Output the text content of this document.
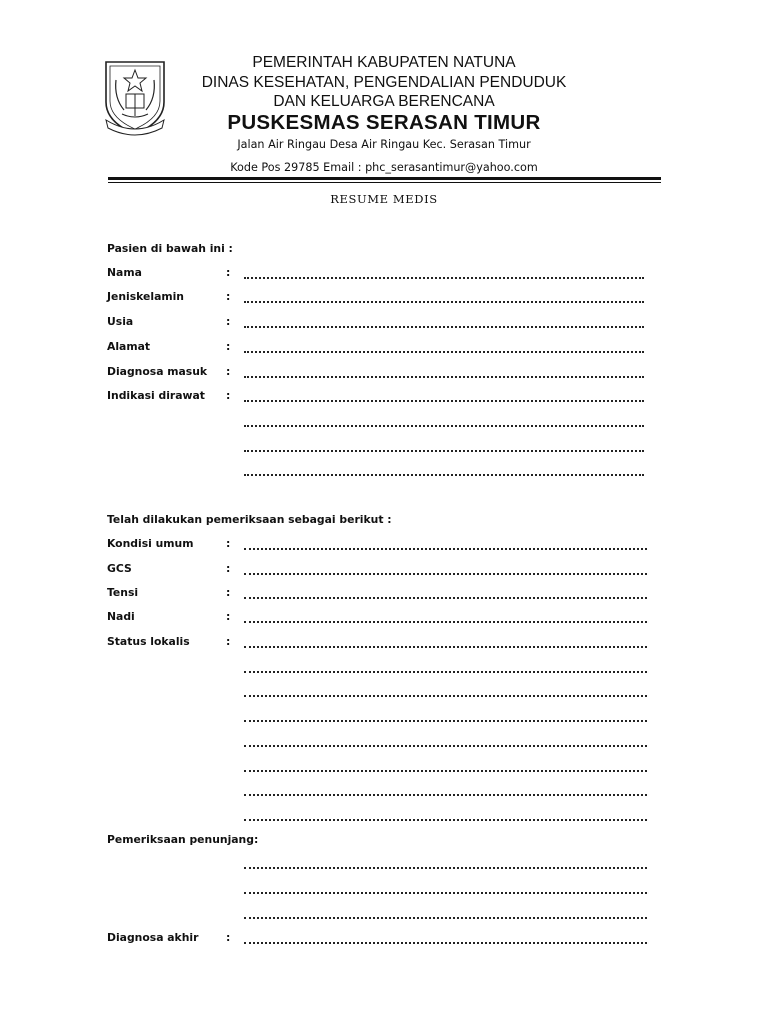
PEMERINTAH KABUPATEN NATUNA
DINAS KESEHATAN, PENGENDALIAN PENDUDUK
DAN KELUARGA BERENCANA
PUSKESMAS SERASAN TIMUR
Jalan Air Ringau Desa Air Ringau Kec. Serasan Timur
Kode Pos 29785 Email : phc_serasantimur@yahoo.com
RESUME MEDIS
Pasien di bawah ini :
Nama	:
Jeniskelamin	:
Usia	:
Alamat	:
Diagnosa masuk :
Indikasi dirawat :
Telah dilakukan pemeriksaan sebagai berikut :
Kondisi umum	:
GCS	:
Tensi	:
Nadi	:
Status lokalis	:
Pemeriksaan penunjang:
Diagnosa akhir	:
